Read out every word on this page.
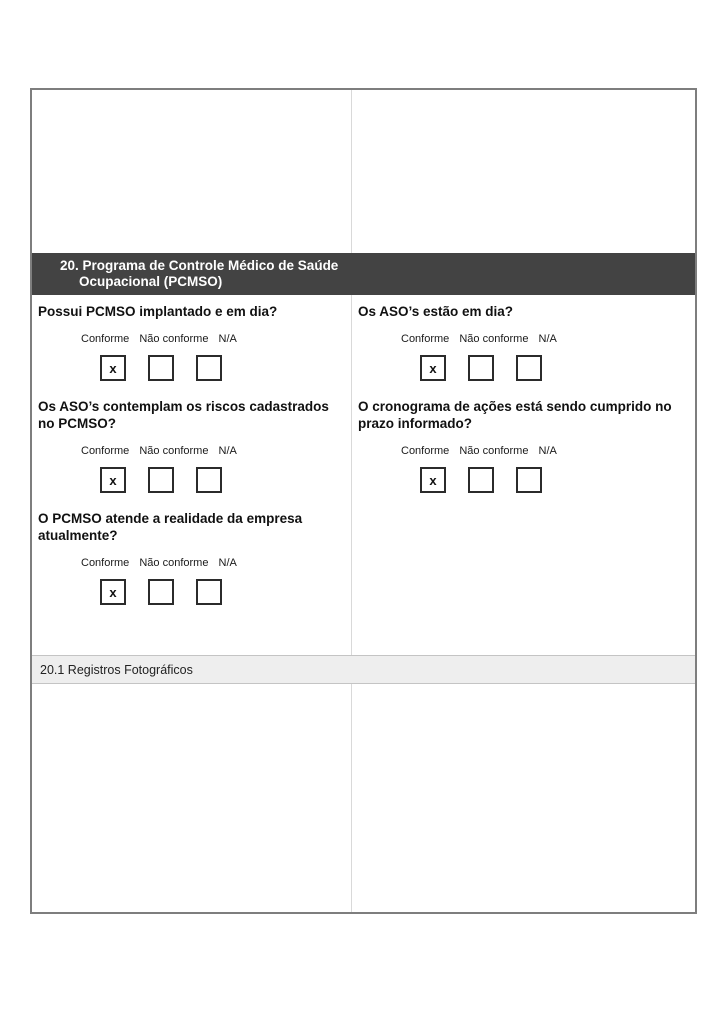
20. Programa de Controle Médico de Saúde
Ocupacional (PCMSO)
Possui PCMSO implantado e em dia?
Conforme Não conforme N/A
x
Os ASO’s contemplam os riscos cadastrados no PCMSO?
Conforme Não conforme N/A
x
O PCMSO atende a realidade da empresa atualmente?
Conforme Não conforme N/A
x
Os ASO’s estão em dia?
Conforme Não conforme N/A
x
O cronograma de ações está sendo cumprido no prazo informado?
Conforme Não conforme N/A
x
20.1 Registros Fotográficos
